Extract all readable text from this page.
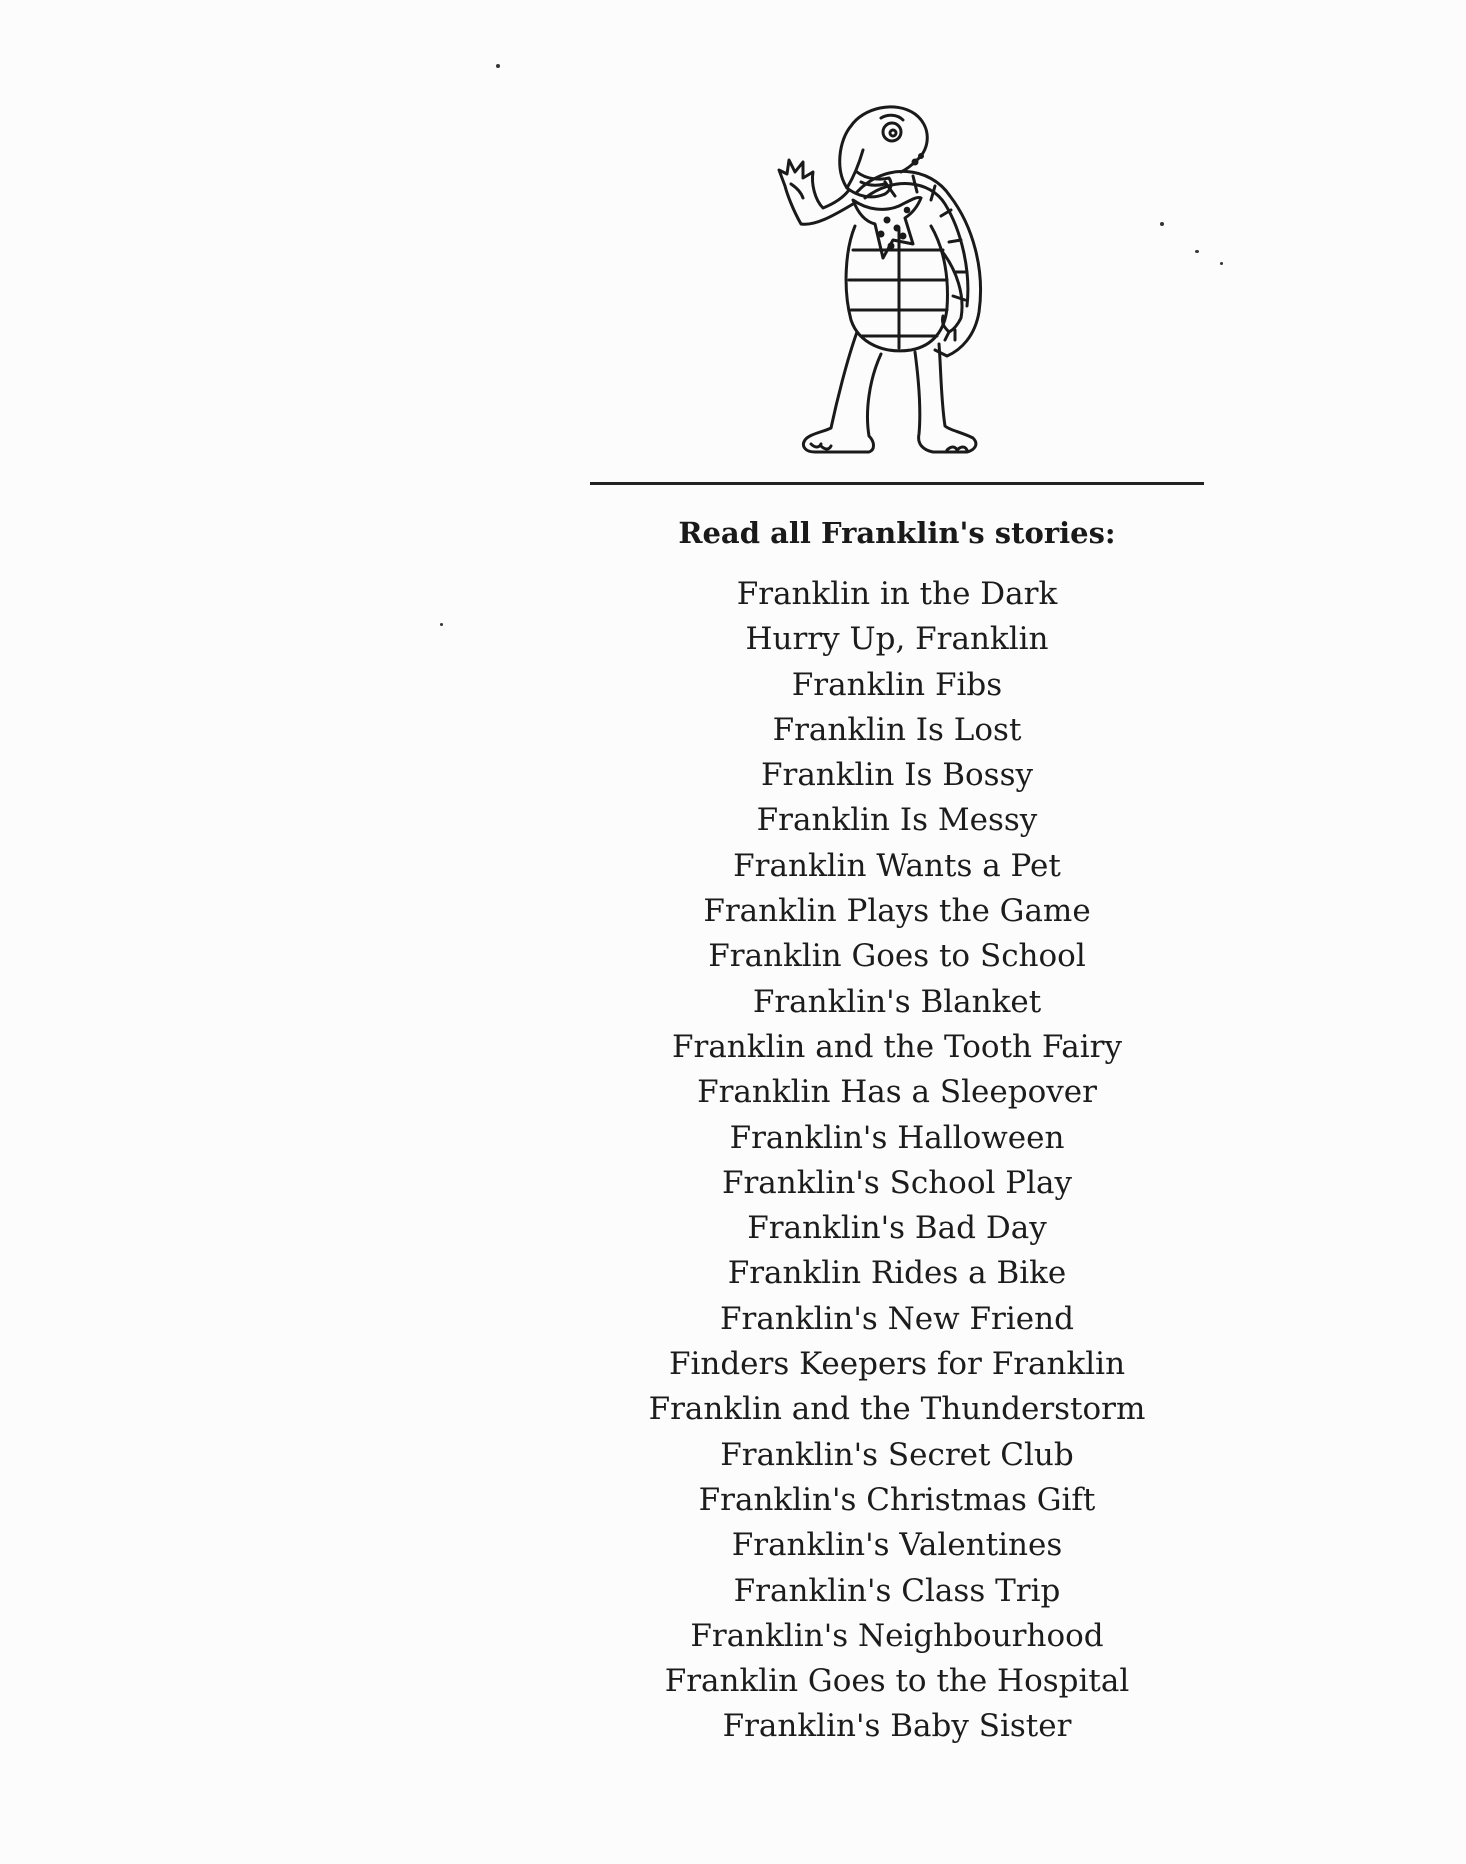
Read all Franklin's stories:
Franklin in the Dark
Hurry Up, Franklin
Franklin Fibs
Franklin Is Lost
Franklin Is Bossy
Franklin Is Messy
Franklin Wants a Pet
Franklin Plays the Game
Franklin Goes to School
Franklin's Blanket
Franklin and the Tooth Fairy
Franklin Has a Sleepover
Franklin's Halloween
Franklin's School Play
Franklin's Bad Day
Franklin Rides a Bike
Franklin's New Friend
Finders Keepers for Franklin
Franklin and the Thunderstorm
Franklin's Secret Club
Franklin's Christmas Gift
Franklin's Valentines
Franklin's Class Trip
Franklin's Neighbourhood
Franklin Goes to the Hospital
Franklin's Baby Sister
